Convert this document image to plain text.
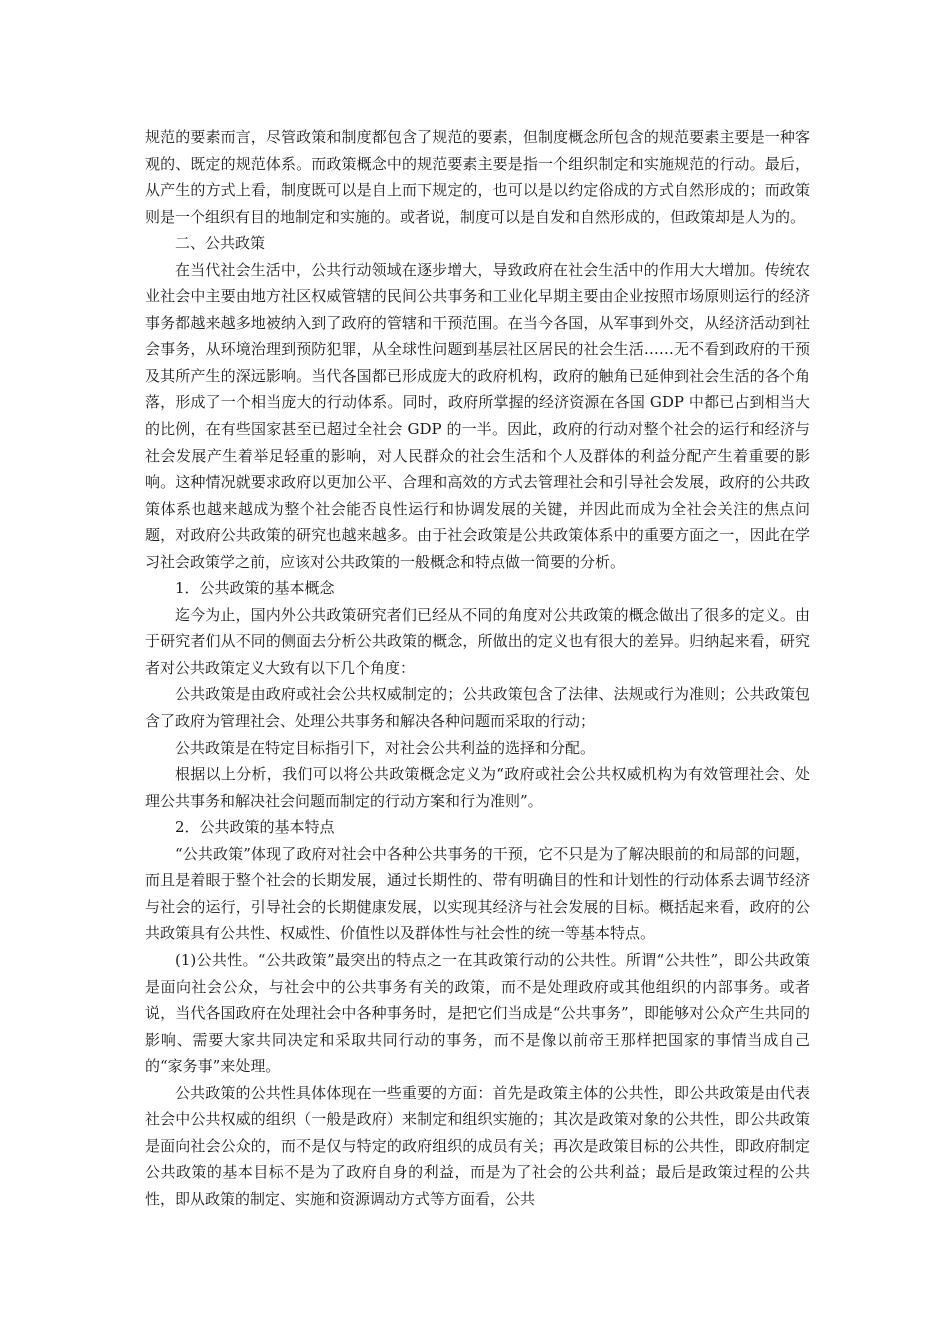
规范的要素而言，尽管政策和制度都包含了规范的要素，但制度概念所包含的规范要素主要是一种客观的、既定的规范体系。而政策概念中的规范要素主要是指一个组织制定和实施规范的行动。最后，从产生的方式上看，制度既可以是自上而下规定的，也可以是以约定俗成的方式自然形成的；而政策则是一个组织有目的地制定和实施的。或者说，制度可以是自发和自然形成的，但政策却是人为的。

二、公共政策

在当代社会生活中，公共行动领域在逐步增大，导致政府在社会生活中的作用大大增加。传统农业社会中主要由地方社区权威管辖的民间公共事务和工业化早期主要由企业按照市场原则运行的经济事务都越来越多地被纳入到了政府的管辖和干预范围。在当今各国，从军事到外交，从经济活动到社会事务，从环境治理到预防犯罪，从全球性问题到基层社区居民的社会生活……无不看到政府的干预及其所产生的深远影响。当代各国都已形成庞大的政府机构，政府的触角已延伸到社会生活的各个角落，形成了一个相当庞大的行动体系。同时，政府所掌握的经济资源在各国 GDP 中都已占到相当大的比例，在有些国家甚至已超过全社会 GDP 的一半。因此，政府的行动对整个社会的运行和经济与社会发展产生着举足轻重的影响，对人民群众的社会生活和个人及群体的利益分配产生着重要的影响。这种情况就要求政府以更加公平、合理和高效的方式去管理社会和引导社会发展，政府的公共政策体系也越来越成为整个社会能否良性运行和协调发展的关键，并因此而成为全社会关注的焦点问题，对政府公共政策的研究也越来越多。由于社会政策是公共政策体系中的重要方面之一，因此在学习社会政策学之前，应该对公共政策的一般概念和特点做一简要的分析。

1．公共政策的基本概念

迄今为止，国内外公共政策研究者们已经从不同的角度对公共政策的概念做出了很多的定义。由于研究者们从不同的侧面去分析公共政策的概念，所做出的定义也有很大的差异。归纳起来看，研究者对公共政策定义大致有以下几个角度：

公共政策是由政府或社会公共权威制定的；公共政策包含了法律、法规或行为准则；公共政策包含了政府为管理社会、处理公共事务和解决各种问题而采取的行动；

公共政策是在特定目标指引下，对社会公共利益的选择和分配。

根据以上分析，我们可以将公共政策概念定义为“政府或社会公共权威机构为有效管理社会、处理公共事务和解决社会问题而制定的行动方案和行为准则”。

2．公共政策的基本特点

“公共政策”体现了政府对社会中各种公共事务的干预，它不只是为了解决眼前的和局部的问题，而且是着眼于整个社会的长期发展，通过长期性的、带有明确目的性和计划性的行动体系去调节经济与社会的运行，引导社会的长期健康发展，以实现其经济与社会发展的目标。概括起来看，政府的公共政策具有公共性、权威性、价值性以及群体性与社会性的统一等基本特点。

(1)公共性。“公共政策”最突出的特点之一在其政策行动的公共性。所谓“公共性”，即公共政策是面向社会公众，与社会中的公共事务有关的政策，而不是处理政府或其他组织的内部事务。或者说，当代各国政府在处理社会中各种事务时，是把它们当成是“公共事务”，即能够对公众产生共同的影响、需要大家共同决定和采取共同行动的事务，而不是像以前帝王那样把国家的事情当成自己的“家务事”来处理。

公共政策的公共性具体体现在一些重要的方面：首先是政策主体的公共性，即公共政策是由代表社会中公共权威的组织（一般是政府）来制定和组织实施的；其次是政策对象的公共性，即公共政策是面向社会公众的，而不是仅与特定的政府组织的成员有关；再次是政策目标的公共性，即政府制定公共政策的基本目标不是为了政府自身的利益，而是为了社会的公共利益；最后是政策过程的公共性，即从政策的制定、实施和资源调动方式等方面看，公共
